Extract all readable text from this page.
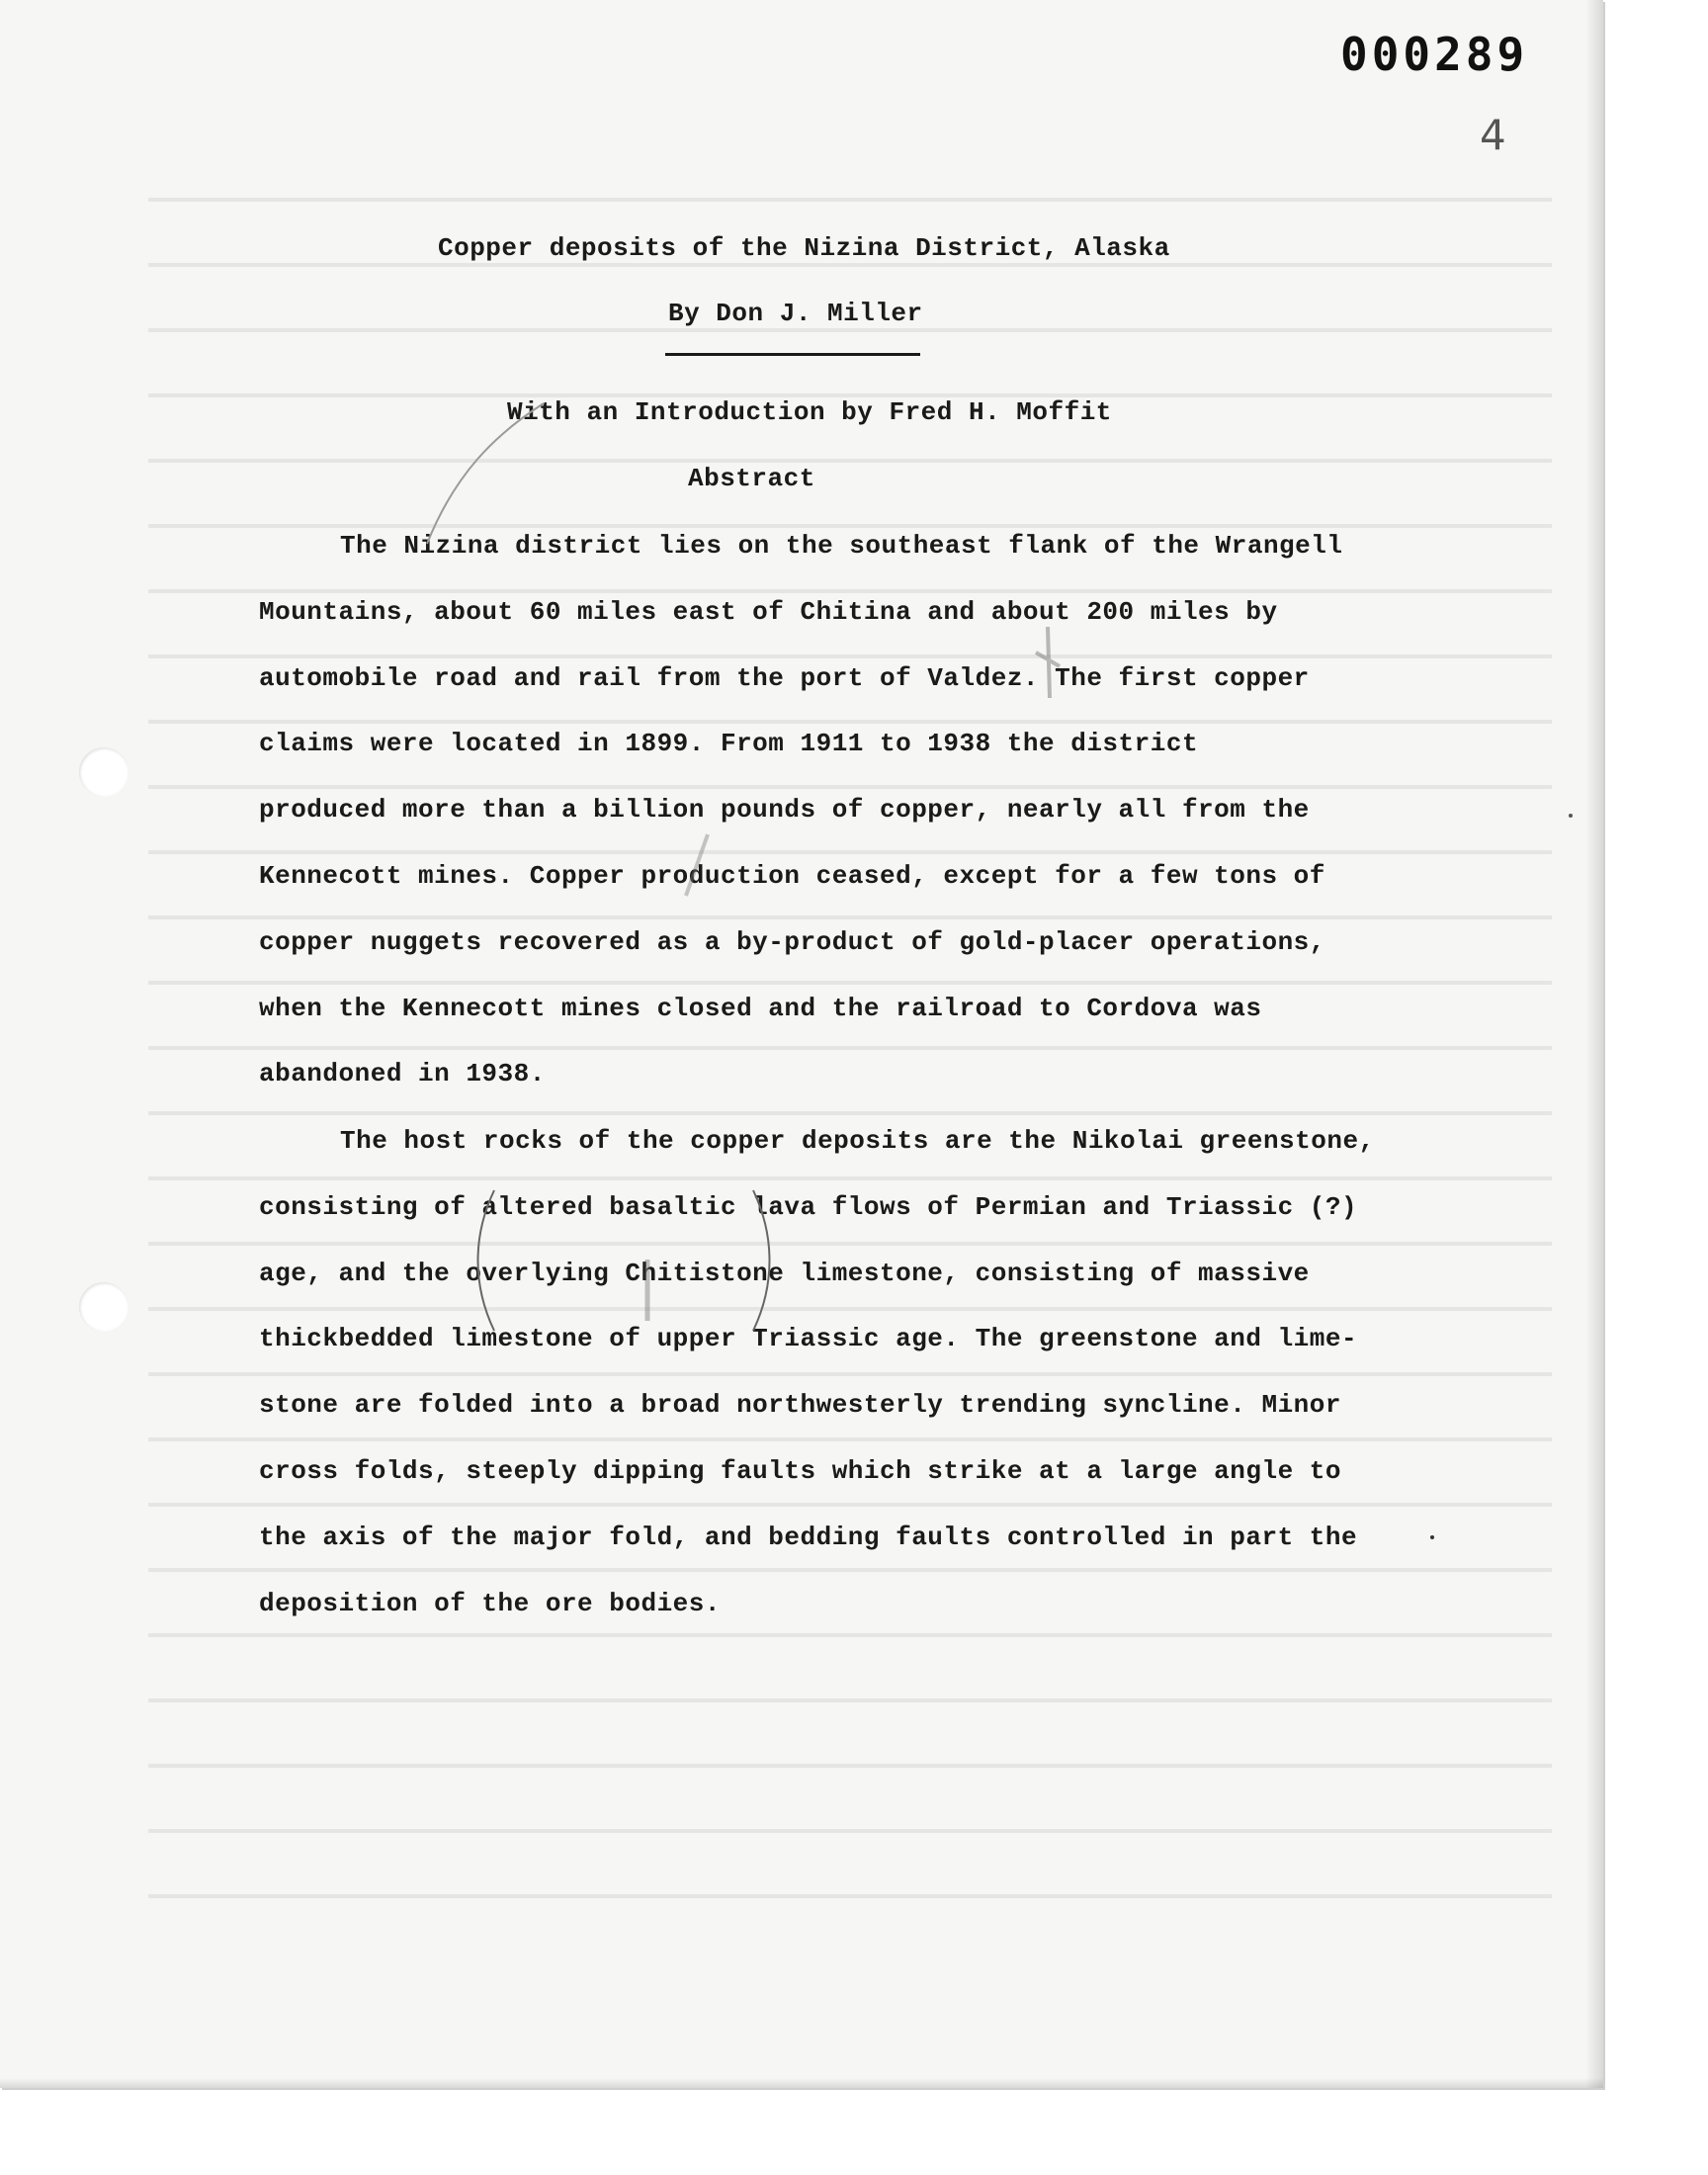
000289
4
Copper deposits of the Nizina District, Alaska
By Don J. Miller
With an Introduction by Fred H. Moffit
Abstract
The Nizina district lies on the southeast flank of the Wrangell
Mountains, about 60 miles east of Chitina and about 200 miles by
automobile road and rail from the port of Valdez. The first copper
claims were located in 1899. From 1911 to 1938 the district
produced more than a billion pounds of copper, nearly all from the
Kennecott mines. Copper production ceased, except for a few tons of
copper nuggets recovered as a by-product of gold-placer operations,
when the Kennecott mines closed and the railroad to Cordova was
abandoned in 1938.
The host rocks of the copper deposits are the Nikolai greenstone,
consisting of altered basaltic lava flows of Permian and Triassic (?)
age, and the overlying Chitistone limestone, consisting of massive
thickbedded limestone of upper Triassic age. The greenstone and lime-
stone are folded into a broad northwesterly trending syncline. Minor
cross folds, steeply dipping faults which strike at a large angle to
the axis of the major fold, and bedding faults controlled in part the
deposition of the ore bodies.
